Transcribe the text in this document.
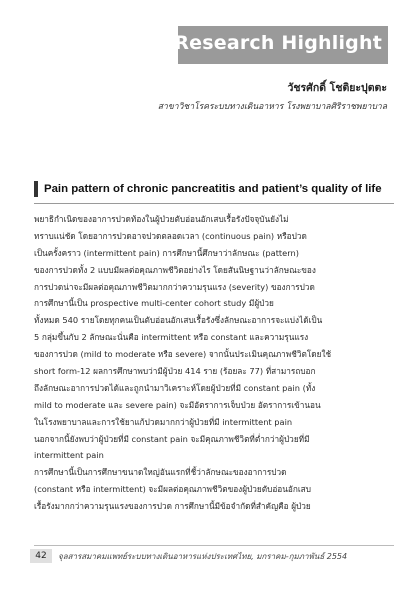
Research Highlight
วัชรศักดิ์ โชติยะปุตตะ
สาขาวิชาโรคระบบทางเดินอาหาร โรงพยาบาลศิริราชพยาบาล
Pain pattern of chronic pancreatitis and patient’s quality of life
พยาธิกำเนิดของอาการปวดท้องในผู้ป่วยตับอ่อนอักเสบเรื้อรังปัจจุบันยังไม่
ทราบแน่ชัด โดยอาการปวดอาจปวดตลอดเวลา (continuous pain) หรือปวด
เป็นครั้งคราว (intermittent pain) การศึกษานี้ศึกษาว่าลักษณะ (pattern)
ของการปวดทั้ง 2 แบบมีผลต่อคุณภาพชีวิตอย่างไร โดยสันนิษฐานว่าลักษณะของ
การปวดน่าจะมีผลต่อคุณภาพชีวิตมากกว่าความรุนแรง (severity) ของการปวด
การศึกษานี้เป็น prospective multi-center cohort study มีผู้ป่วย
ทั้งหมด 540 รายโดยทุกคนเป็นตับอ่อนอักเสบเรื้อรังซึ่งลักษณะอาการจะแบ่งได้เป็น
5 กลุ่มขึ้นกับ 2 ลักษณะนั่นคือ intermittent หรือ constant และความรุนแรง
ของการปวด (mild to moderate หรือ severe) จากนั้นประเมินคุณภาพชีวิตโดยใช้
short form-12 ผลการศึกษาพบว่ามีผู้ป่วย 414 ราย (ร้อยละ 77) ที่สามารถบอก
ถึงลักษณะอาการปวดได้และถูกนำมาวิเคราะห์โดยผู้ป่วยที่มี constant pain (ทั้ง
mild to moderate และ severe pain) จะมีอัตราการเจ็บป่วย อัตราการเข้านอน
ในโรงพยาบาลและการใช้ยาแก้ปวดมากกว่าผู้ป่วยที่มี intermittent pain
นอกจากนี้ยังพบว่าผู้ป่วยที่มี constant pain จะมีคุณภาพชีวิตที่ต่ำกว่าผู้ป่วยที่มี
intermittent pain
การศึกษานี้เป็นการศึกษาขนาดใหญ่อันแรกที่ชี้ว่าลักษณะของอาการปวด
(constant หรือ intermittent) จะมีผลต่อคุณภาพชีวิตของผู้ป่วยตับอ่อนอักเสบ
เรื้อรังมากกว่าความรุนแรงของการปวด การศึกษานี้มีข้อจำกัดที่สำคัญคือ ผู้ป่วย
42	จุลสารสมาคมแพทย์ระบบทางเดินอาหารแห่งประเทศไทย, มกราคม-กุมภาพันธ์ 2554
